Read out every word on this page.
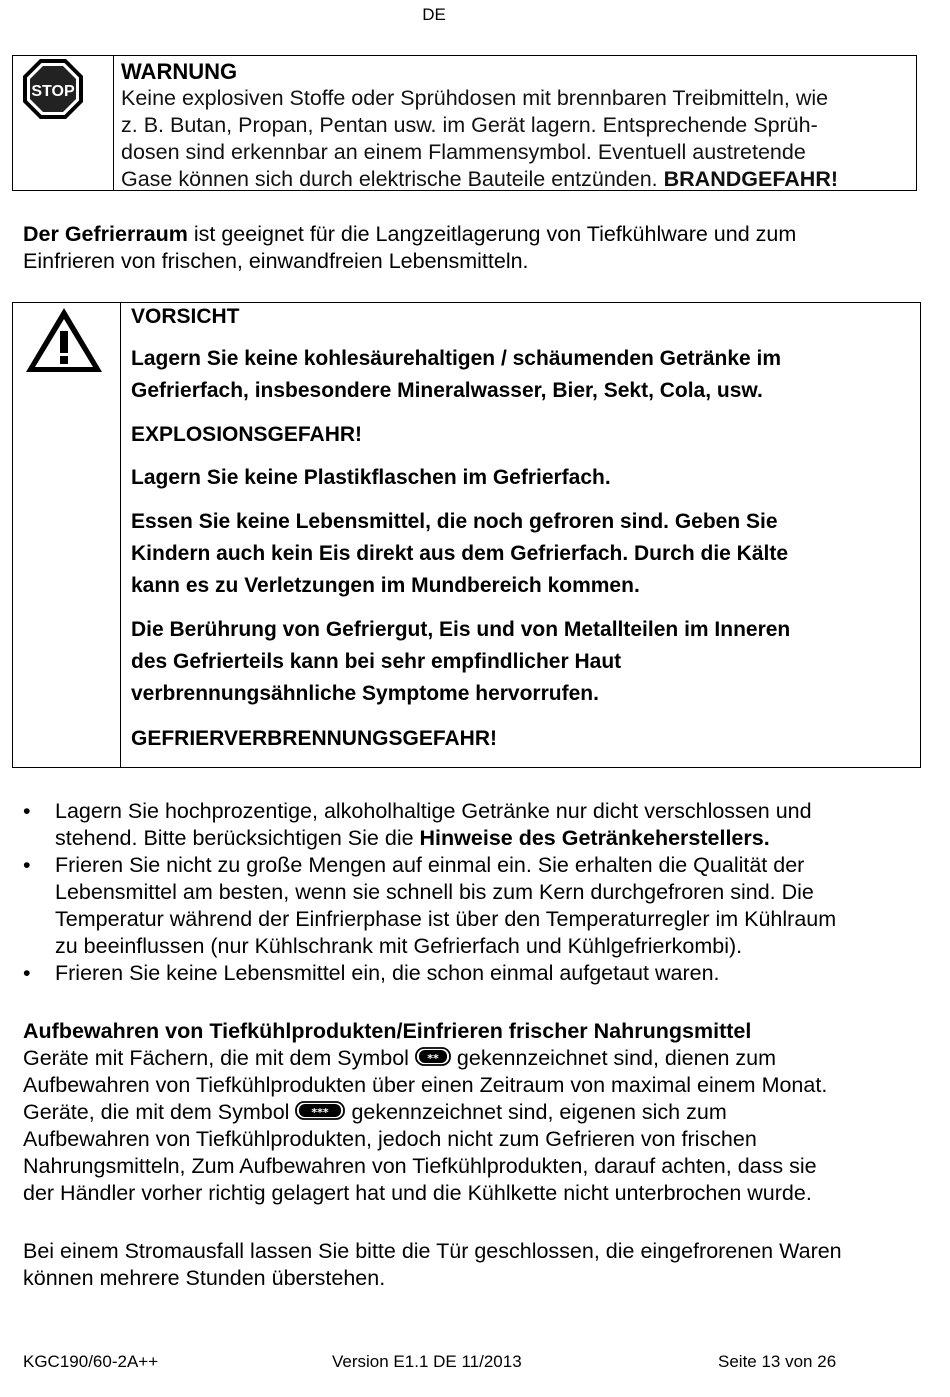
DE
STOP
WARNUNG
Keine explosiven Stoffe oder Sprühdosen mit brennbaren Treibmitteln, wie
z. B. Butan, Propan, Pentan usw. im Gerät lagern. Entsprechende Sprüh-
dosen sind erkennbar an einem Flammensymbol. Eventuell austretende
Gase können sich durch elektrische Bauteile entzünden. BRANDGEFAHR!
Der Gefrierraum ist geeignet für die Langzeitlagerung von Tiefkühlware und zum
Einfrieren von frischen, einwandfreien Lebensmitteln.
VORSICHT
Lagern Sie keine kohlesäurehaltigen / schäumenden Getränke im
Gefrierfach, insbesondere Mineralwasser, Bier, Sekt, Cola, usw.
EXPLOSIONSGEFAHR!
Lagern Sie keine Plastikflaschen im Gefrierfach.
Essen Sie keine Lebensmittel, die noch gefroren sind. Geben Sie
Kindern auch kein Eis direkt aus dem Gefrierfach. Durch die Kälte
kann es zu Verletzungen im Mundbereich kommen.
Die Berührung von Gefriergut, Eis und von Metallteilen im Inneren
des Gefrierteils kann bei sehr empfindlicher Haut
verbrennungsähnliche Symptome hervorrufen.
GEFRIERVERBRENNUNGSGEFAHR!
• Lagern Sie hochprozentige, alkoholhaltige Getränke nur dicht verschlossen und
stehend. Bitte berücksichtigen Sie die Hinweise des Getränkeherstellers.
• Frieren Sie nicht zu große Mengen auf einmal ein. Sie erhalten die Qualität der
Lebensmittel am besten, wenn sie schnell bis zum Kern durchgefroren sind. Die
Temperatur während der Einfrierphase ist über den Temperaturregler im Kühlraum
zu beeinflussen (nur Kühlschrank mit Gefrierfach und Kühlgefrierkombi).
• Frieren Sie keine Lebensmittel ein, die schon einmal aufgetaut waren.
Aufbewahren von Tiefkühlprodukten/Einfrieren frischer Nahrungsmittel
Geräte mit Fächern, die mit dem Symbol ** gekennzeichnet sind, dienen zum
Aufbewahren von Tiefkühlprodukten über einen Zeitraum von maximal einem Monat.
Geräte, die mit dem Symbol *** gekennzeichnet sind, eigenen sich zum
Aufbewahren von Tiefkühlprodukten, jedoch nicht zum Gefrieren von frischen
Nahrungsmitteln, Zum Aufbewahren von Tiefkühlprodukten, darauf achten, dass sie
der Händler vorher richtig gelagert hat und die Kühlkette nicht unterbrochen wurde.
Bei einem Stromausfall lassen Sie bitte die Tür geschlossen, die eingefrorenen Waren
können mehrere Stunden überstehen.
KGC190/60-2A++	Version E1.1 DE 11/2013	Seite 13 von 26
